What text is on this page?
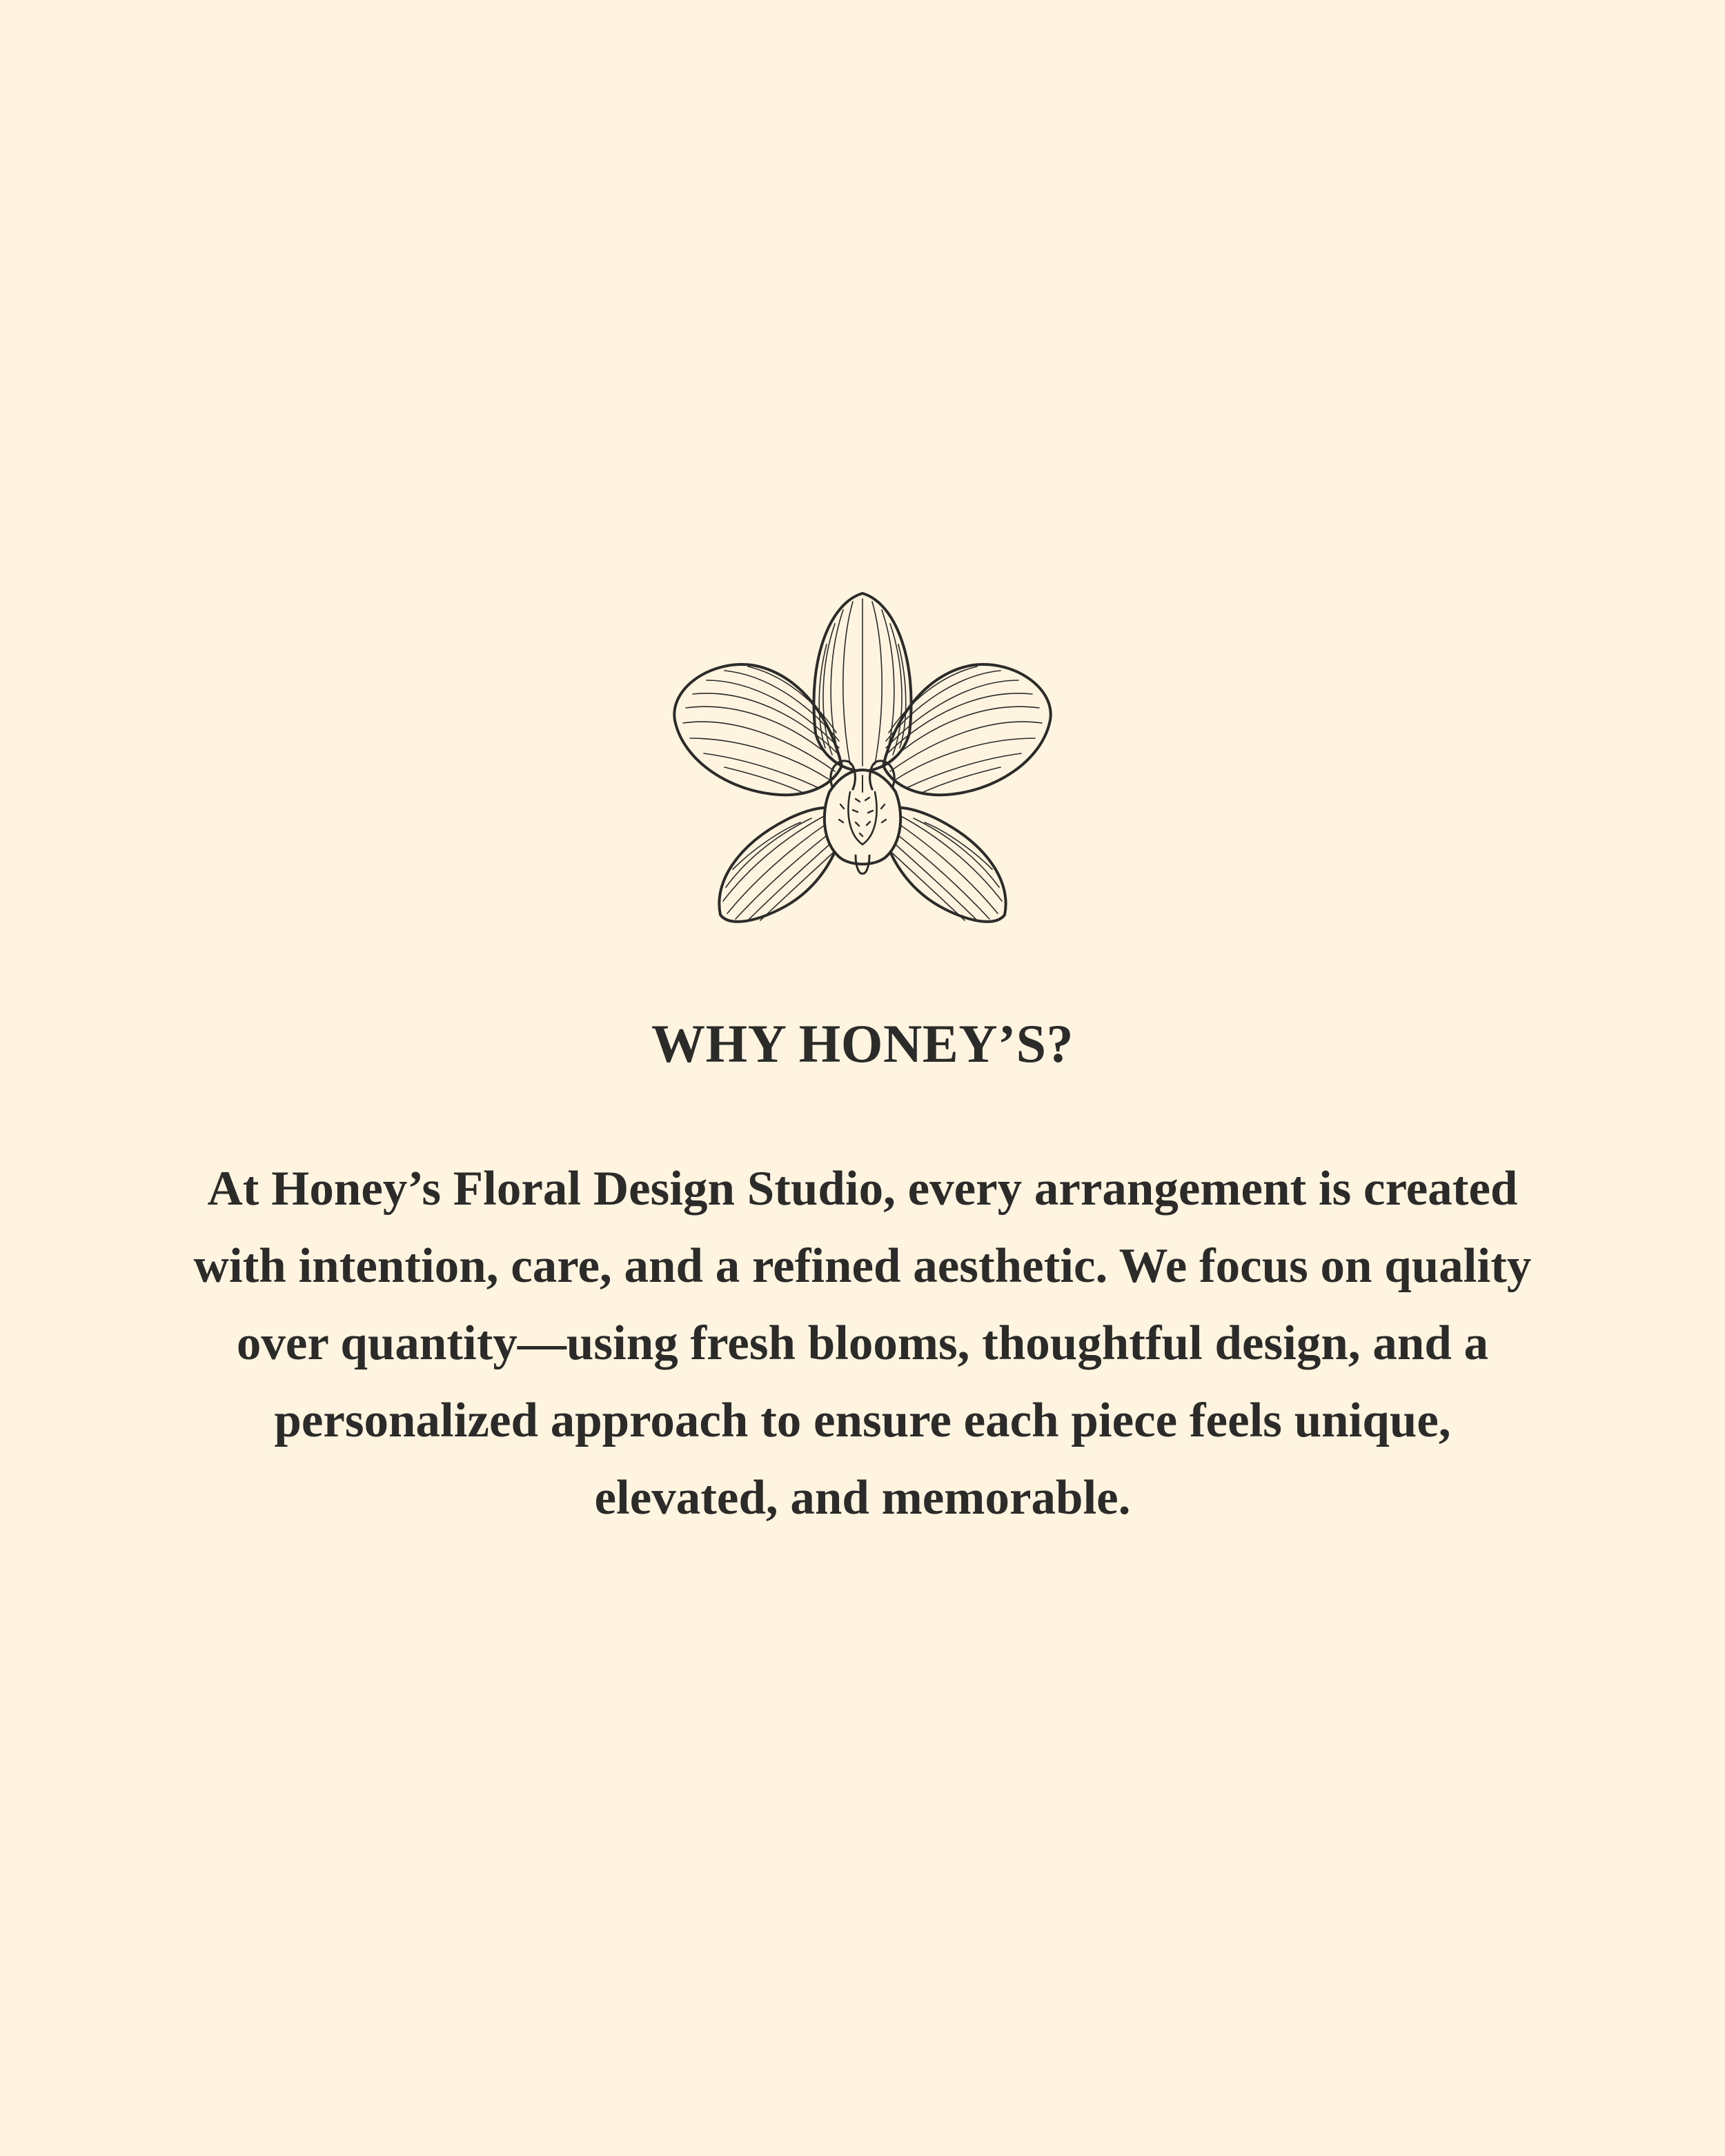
WHY HONEY’S?

At Honey’s Floral Design Studio, every arrangement is created
with intention, care, and a refined aesthetic. We focus on quality
over quantity—using fresh blooms, thoughtful design, and a
personalized approach to ensure each piece feels unique,
elevated, and memorable.
